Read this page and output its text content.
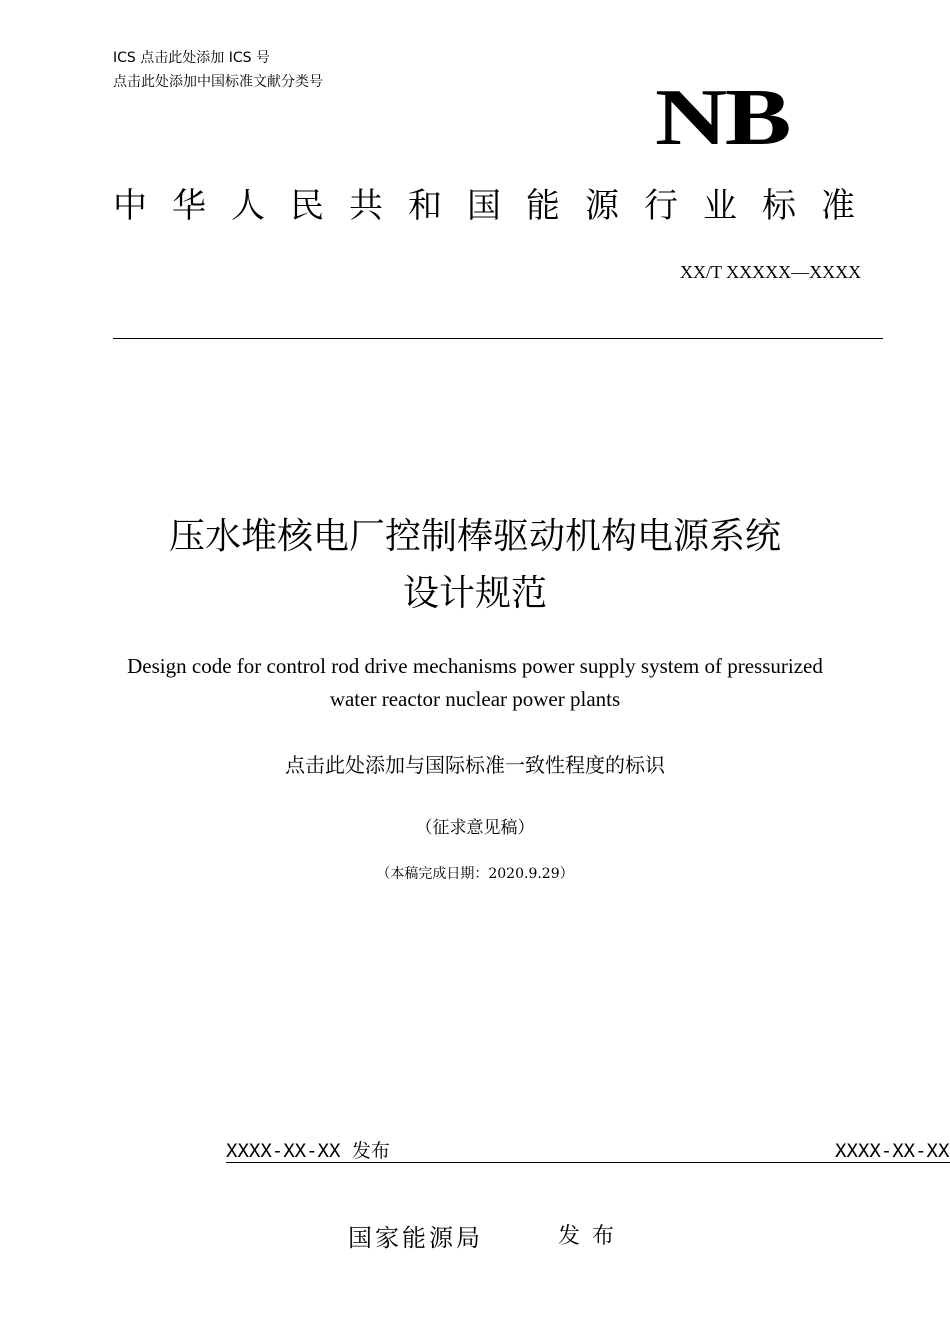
ICS 点击此处添加 ICS 号
点击此处添加中国标准文献分类号	NB
中华人民共和国能源行业标准
XX/T XXXXX—XXXX
压水堆核电厂控制棒驱动机构电源系统
设计规范
Design code for control rod drive mechanisms power supply system of pressurized
water reactor nuclear power plants
点击此处添加与国际标准一致性程度的标识
（征求意见稿）
（本稿完成日期：2020.9.29）
XXXX-XX-XX 发布	XXXX-XX-XX
国家能源局	发布
